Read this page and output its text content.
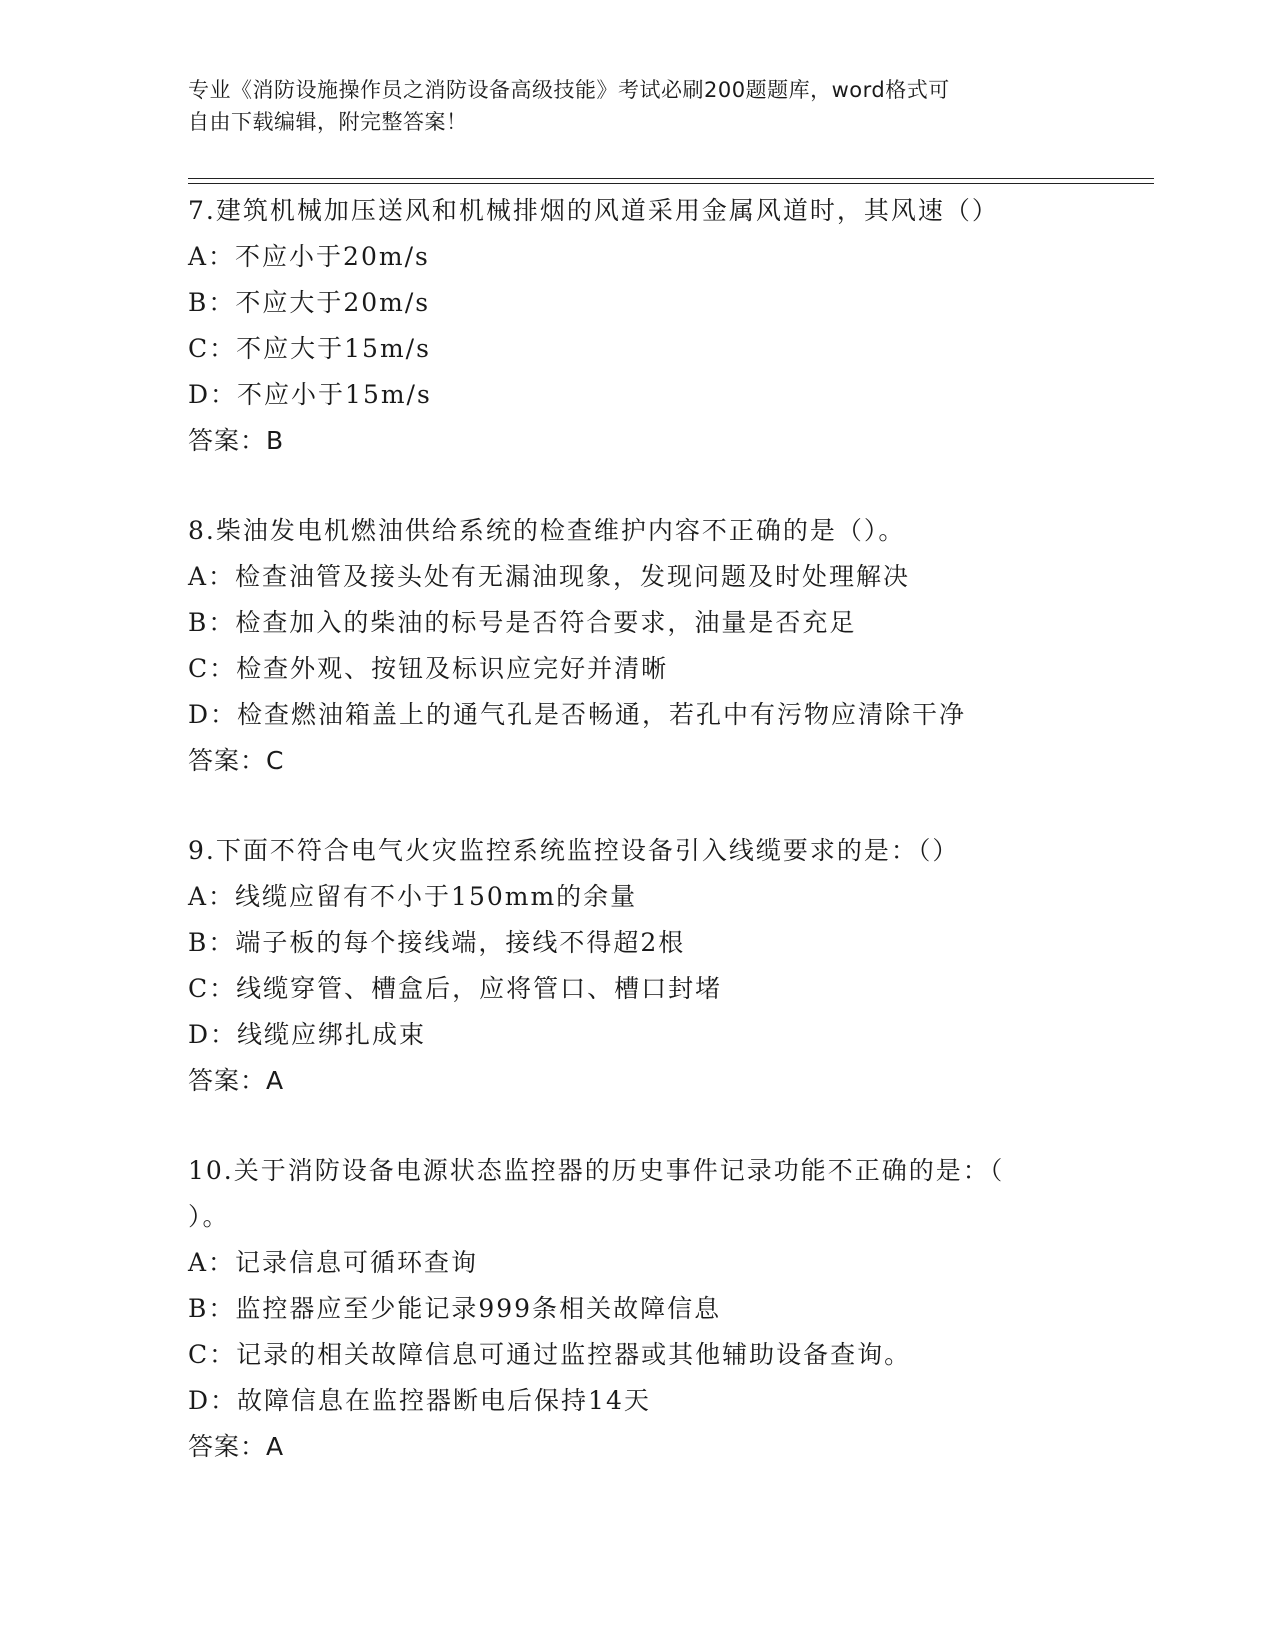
专业《消防设施操作员之消防设备高级技能》考试必刷200题题库，word格式可
自由下载编辑，附完整答案！
7.建筑机械加压送风和机械排烟的风道采用金属风道时，其风速（）
A：不应小于20m/s
B：不应大于20m/s
C：不应大于15m/s
D：不应小于15m/s
答案：B
8.柴油发电机燃油供给系统的检查维护内容不正确的是（）。
A：检查油管及接头处有无漏油现象，发现问题及时处理解决
B：检查加入的柴油的标号是否符合要求，油量是否充足
C：检查外观、按钮及标识应完好并清晰
D：检查燃油箱盖上的通气孔是否畅通，若孔中有污物应清除干净
答案：C
9.下面不符合电气火灾监控系统监控设备引入线缆要求的是：（）
A：线缆应留有不小于150mm的余量
B：端子板的每个接线端，接线不得超2根
C：线缆穿管、槽盒后，应将管口、槽口封堵
D：线缆应绑扎成束
答案：A
10.关于消防设备电源状态监控器的历史事件记录功能不正确的是：（
）。
A：记录信息可循环查询
B：监控器应至少能记录999条相关故障信息
C：记录的相关故障信息可通过监控器或其他辅助设备查询。
D：故障信息在监控器断电后保持14天
答案：A
